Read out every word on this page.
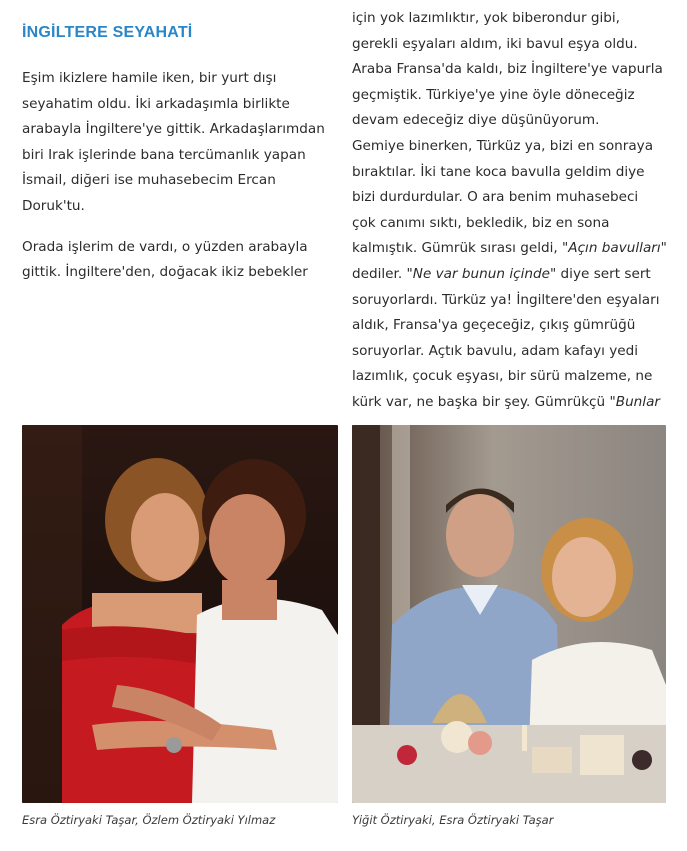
İNGİLTERE SEYAHATİ

Eşim ikizlere hamile iken, bir yurt dışı
seyahatim oldu. İki arkadaşımla birlikte
arabayla İngiltere'ye gittik. Arkadaşlarımdan
biri Irak işlerinde bana tercümanlık yapan
İsmail, diğeri ise muhasebecim Ercan
Doruk'tu.

Orada işlerim de vardı, o yüzden arabayla
gittik. İngiltere'den, doğacak ikiz bebekler

için yok lazımlıktır, yok biberondur gibi,
gerekli eşyaları aldım, iki bavul eşya oldu.
Araba Fransa'da kaldı, biz İngiltere'ye vapurla
geçmiştik. Türkiye'ye yine öyle döneceğiz
devam edeceğiz diye düşünüyorum.
Gemiye binerken, Türküz ya, bizi en sonraya
bıraktılar. İki tane koca bavulla geldim diye
bizi durdurdular. O ara benim muhasebeci
çok canımı sıktı, bekledik, biz en sona
kalmıştık. Gümrük sırası geldi, "Açın bavulları"
dediler. "Ne var bunun içinde" diye sert sert
soruyorlardı. Türküz ya! İngiltere'den eşyaları
aldık, Fransa'ya geçeceğiz, çıkış gümrüğü
soruyorlar. Açtık bavulu, adam kafayı yedi
lazımlık, çocuk eşyası, bir sürü malzeme, ne
kürk var, ne başka bir şey. Gümrükçü "Bunlar

Esra Öztiryaki Taşar, Özlem Öztiryaki Yılmaz	Yiğit Öztiryaki, Esra Öztiryaki Taşar
